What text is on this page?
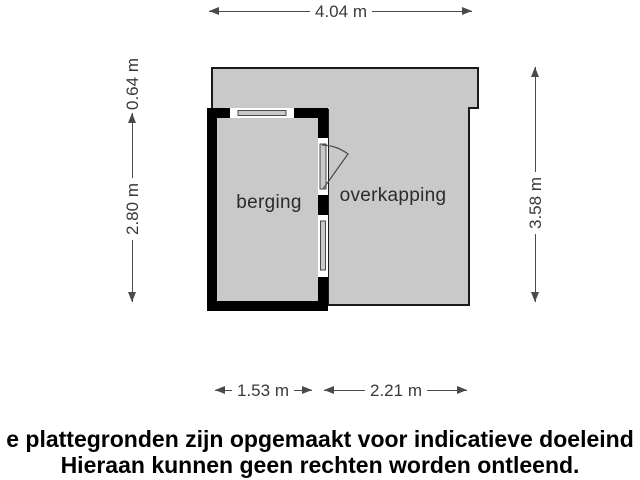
berging overkapping
4.04 m
0.64 m
2.80 m	3.58 m
1.53 m	2.21 m
e plattegronden zijn opgemaakt voor indicatieve doeleind
Hieraan kunnen geen rechten worden ontleend.
